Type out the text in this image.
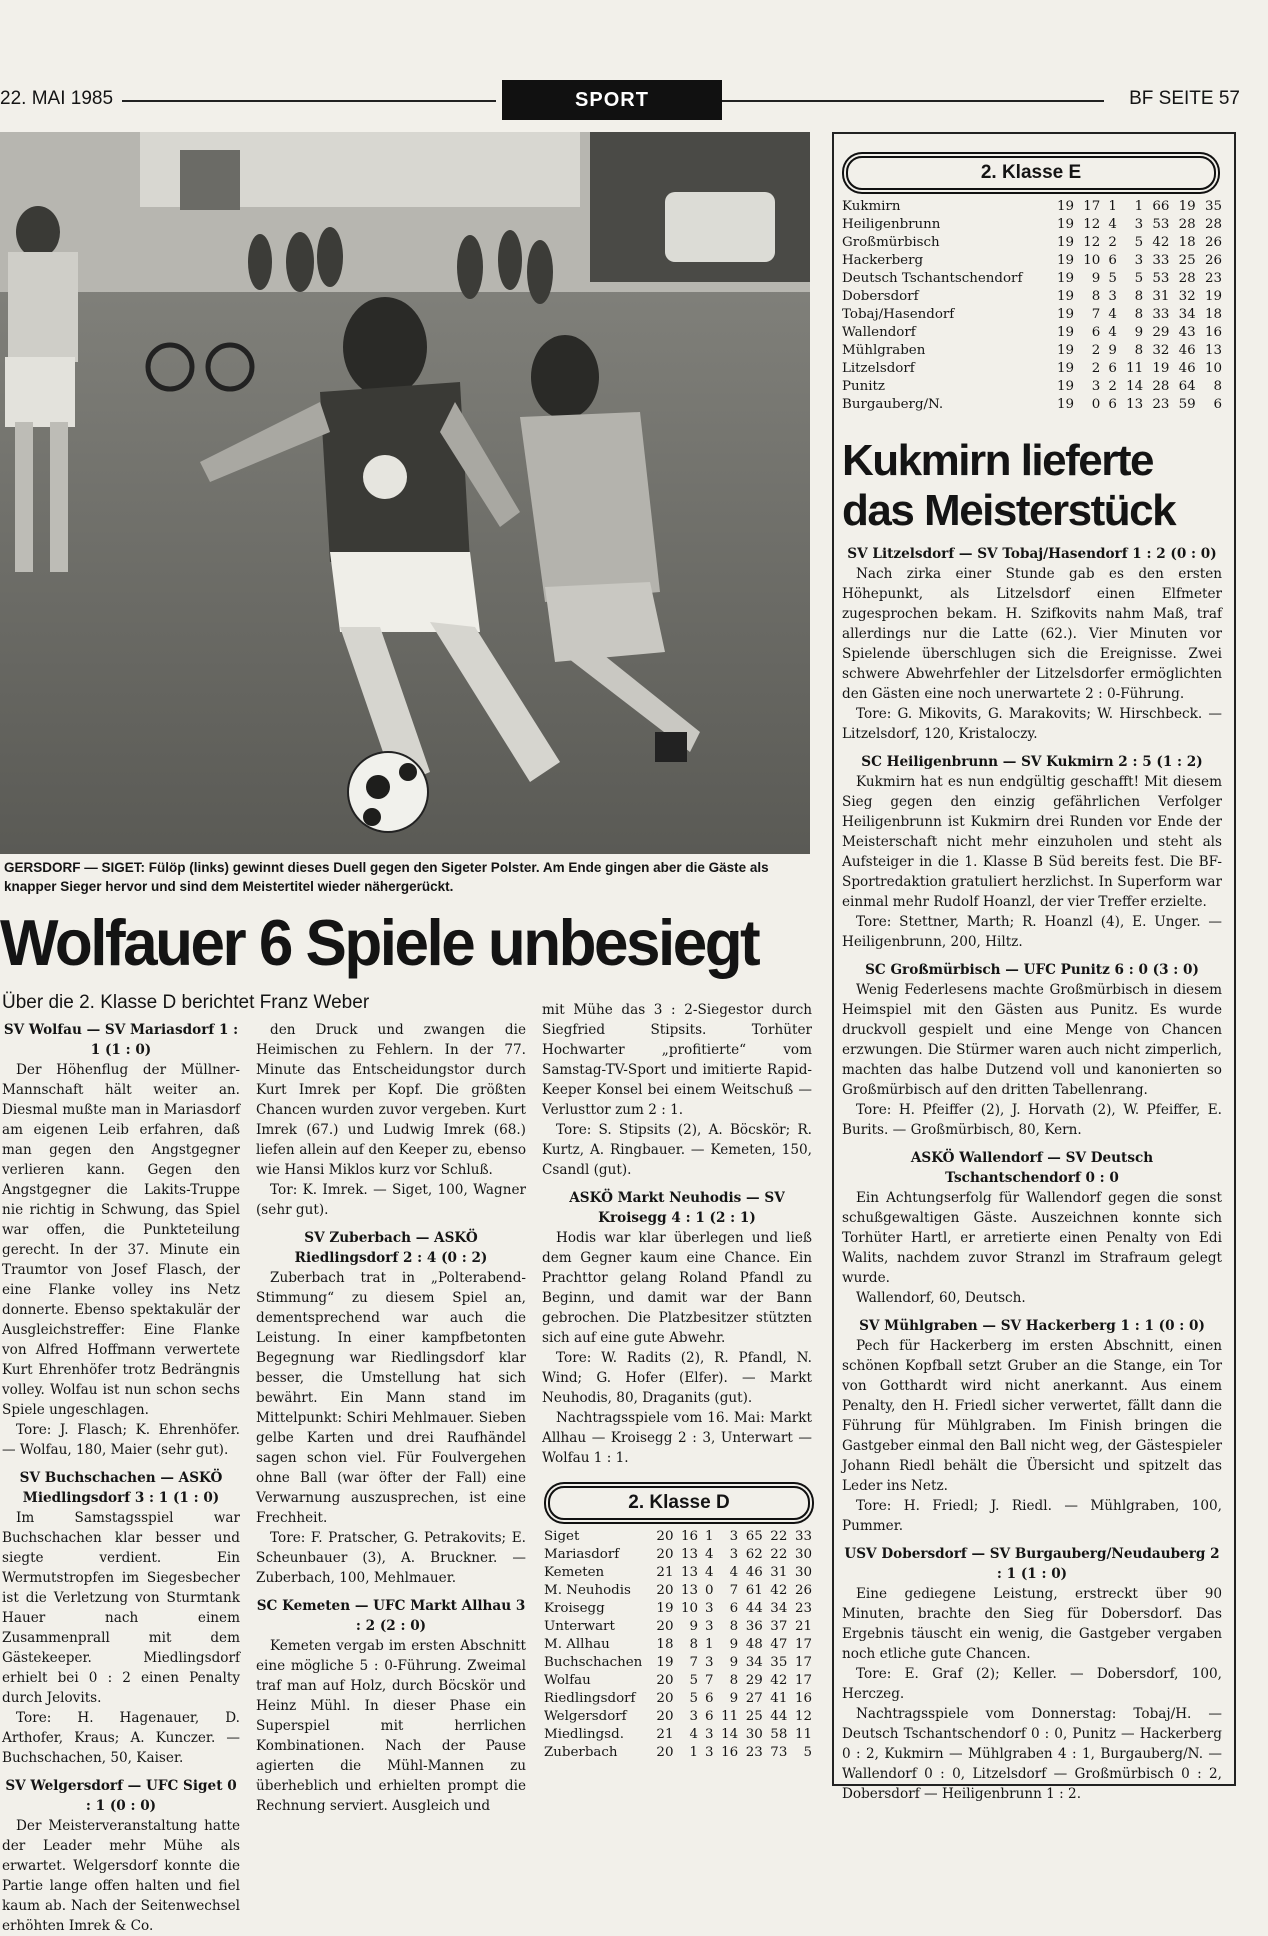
22. MAI 1985	SPORT	BF SEITE 57
GERSDORF — SIGET: Fülöp (links) gewinnt dieses Duell gegen den Sigeter Polster. Am Ende gingen aber die Gäste als knapper Sieger hervor und sind dem Meistertitel wieder nähergerückt.
Wolfauer 6 Spiele unbesiegt
Über die 2. Klasse D berichtet Franz Weber

SV Wolfau — SV Mariasdorf 1 : 1 (1 : 0)

Der Höhenflug der Müllner-Mannschaft hält weiter an. Diesmal mußte man in Mariasdorf am eigenen Leib erfahren, daß man gegen den Angstgegner verlieren kann. Gegen den Angstgegner die Lakits-Truppe nie richtig in Schwung, das Spiel war offen, die Punkteteilung gerecht. In der 37. Minute ein Traumtor von Josef Flasch, der eine Flanke volley ins Netz donnerte. Ebenso spektakulär der Ausgleichstreffer: Eine Flanke von Alfred Hoffmann verwertete Kurt Ehrenhöfer trotz Bedrängnis volley. Wolfau ist nun schon sechs Spiele ungeschlagen.

Tore: J. Flasch; K. Ehrenhöfer. — Wolfau, 180, Maier (sehr gut).

SV Buchschachen — ASKÖ Miedlingsdorf 3 : 1 (1 : 0)

Im Samstagsspiel war Buchschachen klar besser und siegte verdient. Ein Wermutstropfen im Siegesbecher ist die Verletzung von Sturmtank Hauer nach einem Zusammenprall mit dem Gästekeeper. Miedlingsdorf erhielt bei 0 : 2 einen Penalty durch Jelovits.

Tore: H. Hagenauer, D. Arthofer, Kraus; A. Kunczer. — Buchschachen, 50, Kaiser.

SV Welgersdorf — UFC Siget 0 : 1 (0 : 0)

Der Meisterveranstaltung hatte der Leader mehr Mühe als erwartet. Welgersdorf konnte die Partie lange offen halten und fiel kaum ab. Nach der Seitenwechsel erhöhten Imrek & Co.

den Druck und zwangen die Heimischen zu Fehlern. In der 77. Minute das Entscheidungstor durch Kurt Imrek per Kopf. Die größten Chancen wurden zuvor vergeben. Kurt Imrek (67.) und Ludwig Imrek (68.) liefen allein auf den Keeper zu, ebenso wie Hansi Miklos kurz vor Schluß.

Tor: K. Imrek. — Siget, 100, Wagner (sehr gut).

SV Zuberbach — ASKÖ Riedlingsdorf 2 : 4 (0 : 2)

Zuberbach trat in „Polterabend-Stimmung“ zu diesem Spiel an, dementsprechend war auch die Leistung. In einer kampfbetonten Begegnung war Riedlingsdorf klar besser, die Umstellung hat sich bewährt. Ein Mann stand im Mittelpunkt: Schiri Mehlmauer. Sieben gelbe Karten und drei Raufhändel sagen schon viel. Für Foulvergehen ohne Ball (war öfter der Fall) eine Verwarnung auszusprechen, ist eine Frechheit.

Tore: F. Pratscher, G. Petrakovits; E. Scheunbauer (3), A. Bruckner. — Zuberbach, 100, Mehlmauer.

SC Kemeten — UFC Markt Allhau 3 : 2 (2 : 0)

Kemeten vergab im ersten Abschnitt eine mögliche 5 : 0-Führung. Zweimal traf man auf Holz, durch Böcskör und Heinz Mühl. In dieser Phase ein Superspiel mit herrlichen Kombinationen. Nach der Pause agierten die Mühl-Mannen zu überheblich und erhielten prompt die Rechnung serviert. Ausgleich und

mit Mühe das 3 : 2-Siegestor durch Siegfried Stipsits. Torhüter Hochwarter „profitierte“ vom Samstag-TV-Sport und imitierte Rapid-Keeper Konsel bei einem Weitschuß — Verlusttor zum 2 : 1.

Tore: S. Stipsits (2), A. Böcskör; R. Kurtz, A. Ringbauer. — Kemeten, 150, Csandl (gut).

ASKÖ Markt Neuhodis — SV Kroisegg 4 : 1 (2 : 1)

Hodis war klar überlegen und ließ dem Gegner kaum eine Chance. Ein Prachttor gelang Roland Pfandl zu Beginn, und damit war der Bann gebrochen. Die Platzbesitzer stützten sich auf eine gute Abwehr.

Tore: W. Radits (2), R. Pfandl, N. Wind; G. Hofer (Elfer). — Markt Neuhodis, 80, Draganits (gut).

Nachtragsspiele vom 16. Mai: Markt Allhau — Kroisegg 2 : 3, Unterwart — Wolfau 1 : 1.

2. Klasse D
Siget	20	16	1	3	65	22	33
Mariasdorf	20	13	4	3	62	22	30
Kemeten	21	13	4	4	46	31	30
M. Neuhodis	20	13	0	7	61	42	26
Kroisegg	19	10	3	6	44	34	23
Unterwart	20	9	3	8	36	37	21
M. Allhau	18	8	1	9	48	47	17
Buchschachen	19	7	3	9	34	35	17
Wolfau	20	5	7	8	29	42	17
Riedlingsdorf	20	5	6	9	27	41	16
Welgersdorf	20	3	6	11	25	44	12
Miedlingsd.	21	4	3	14	30	58	11
Zuberbach	20	1	3	16	23	73	5
2. Klasse E
Kukmirn	19	17	1	1	66	19	35
Heiligenbrunn	19	12	4	3	53	28	28
Großmürbisch	19	12	2	5	42	18	26
Hackerberg	19	10	6	3	33	25	26
Deutsch Tschantschendorf	19	9	5	5	53	28	23
Dobersdorf	19	8	3	8	31	32	19
Tobaj/Hasendorf	19	7	4	8	33	34	18
Wallendorf	19	6	4	9	29	43	16
Mühlgraben	19	2	9	8	32	46	13
Litzelsdorf	19	2	6	11	19	46	10
Punitz	19	3	2	14	28	64	8
Burgauberg/N.	19	0	6	13	23	59	6
Kukmirn lieferte das Meisterstück

SV Litzelsdorf — SV Tobaj/Hasendorf 1 : 2 (0 : 0)

Nach zirka einer Stunde gab es den ersten Höhepunkt, als Litzelsdorf einen Elfmeter zugesprochen bekam. H. Szifkovits nahm Maß, traf allerdings nur die Latte (62.). Vier Minuten vor Spielende überschlugen sich die Ereignisse. Zwei schwere Abwehrfehler der Litzelsdorfer ermöglichten den Gästen eine noch unerwartete 2 : 0-Führung.

Tore: G. Mikovits, G. Marakovits; W. Hirschbeck. — Litzelsdorf, 120, Kristaloczy.

SC Heiligenbrunn — SV Kukmirn 2 : 5 (1 : 2)

Kukmirn hat es nun endgültig geschafft! Mit diesem Sieg gegen den einzig gefährlichen Verfolger Heiligenbrunn ist Kukmirn drei Runden vor Ende der Meisterschaft nicht mehr einzuholen und steht als Aufsteiger in die 1. Klasse B Süd bereits fest. Die BF-Sportredaktion gratuliert herzlichst. In Superform war einmal mehr Rudolf Hoanzl, der vier Treffer erzielte.

Tore: Stettner, Marth; R. Hoanzl (4), E. Unger. — Heiligenbrunn, 200, Hiltz.

SC Großmürbisch — UFC Punitz 6 : 0 (3 : 0)

Wenig Federlesens machte Großmürbisch in diesem Heimspiel mit den Gästen aus Punitz. Es wurde druckvoll gespielt und eine Menge von Chancen erzwungen. Die Stürmer waren auch nicht zimperlich, machten das halbe Dutzend voll und kanonierten so Großmürbisch auf den dritten Tabellenrang.

Tore: H. Pfeiffer (2), J. Horvath (2), W. Pfeiffer, E. Burits. — Großmürbisch, 80, Kern.

ASKÖ Wallendorf — SV Deutsch Tschantschendorf 0 : 0

Ein Achtungserfolg für Wallendorf gegen die sonst schußgewaltigen Gäste. Auszeichnen konnte sich Torhüter Hartl, er arretierte einen Penalty von Edi Walits, nachdem zuvor Stranzl im Strafraum gelegt wurde.

Wallendorf, 60, Deutsch.

SV Mühlgraben — SV Hackerberg 1 : 1 (0 : 0)

Pech für Hackerberg im ersten Abschnitt, einen schönen Kopfball setzt Gruber an die Stange, ein Tor von Gotthardt wird nicht anerkannt. Aus einem Penalty, den H. Friedl sicher verwertet, fällt dann die Führung für Mühlgraben. Im Finish bringen die Gastgeber einmal den Ball nicht weg, der Gästespieler Johann Riedl behält die Übersicht und spitzelt das Leder ins Netz.

Tore: H. Friedl; J. Riedl. — Mühlgraben, 100, Pummer.

USV Dobersdorf — SV Burgauberg/Neudauberg 2 : 1 (1 : 0)

Eine gediegene Leistung, erstreckt über 90 Minuten, brachte den Sieg für Dobersdorf. Das Ergebnis täuscht ein wenig, die Gastgeber vergaben noch etliche gute Chancen.

Tore: E. Graf (2); Keller. — Dobersdorf, 100, Herczeg.

Nachtragsspiele vom Donnerstag: Tobaj/H. — Deutsch Tschantschendorf 0 : 0, Punitz — Hackerberg 0 : 2, Kukmirn — Mühlgraben 4 : 1, Burgauberg/N. — Wallendorf 0 : 0, Litzelsdorf — Großmürbisch 0 : 2, Dobersdorf — Heiligenbrunn 1 : 2.
